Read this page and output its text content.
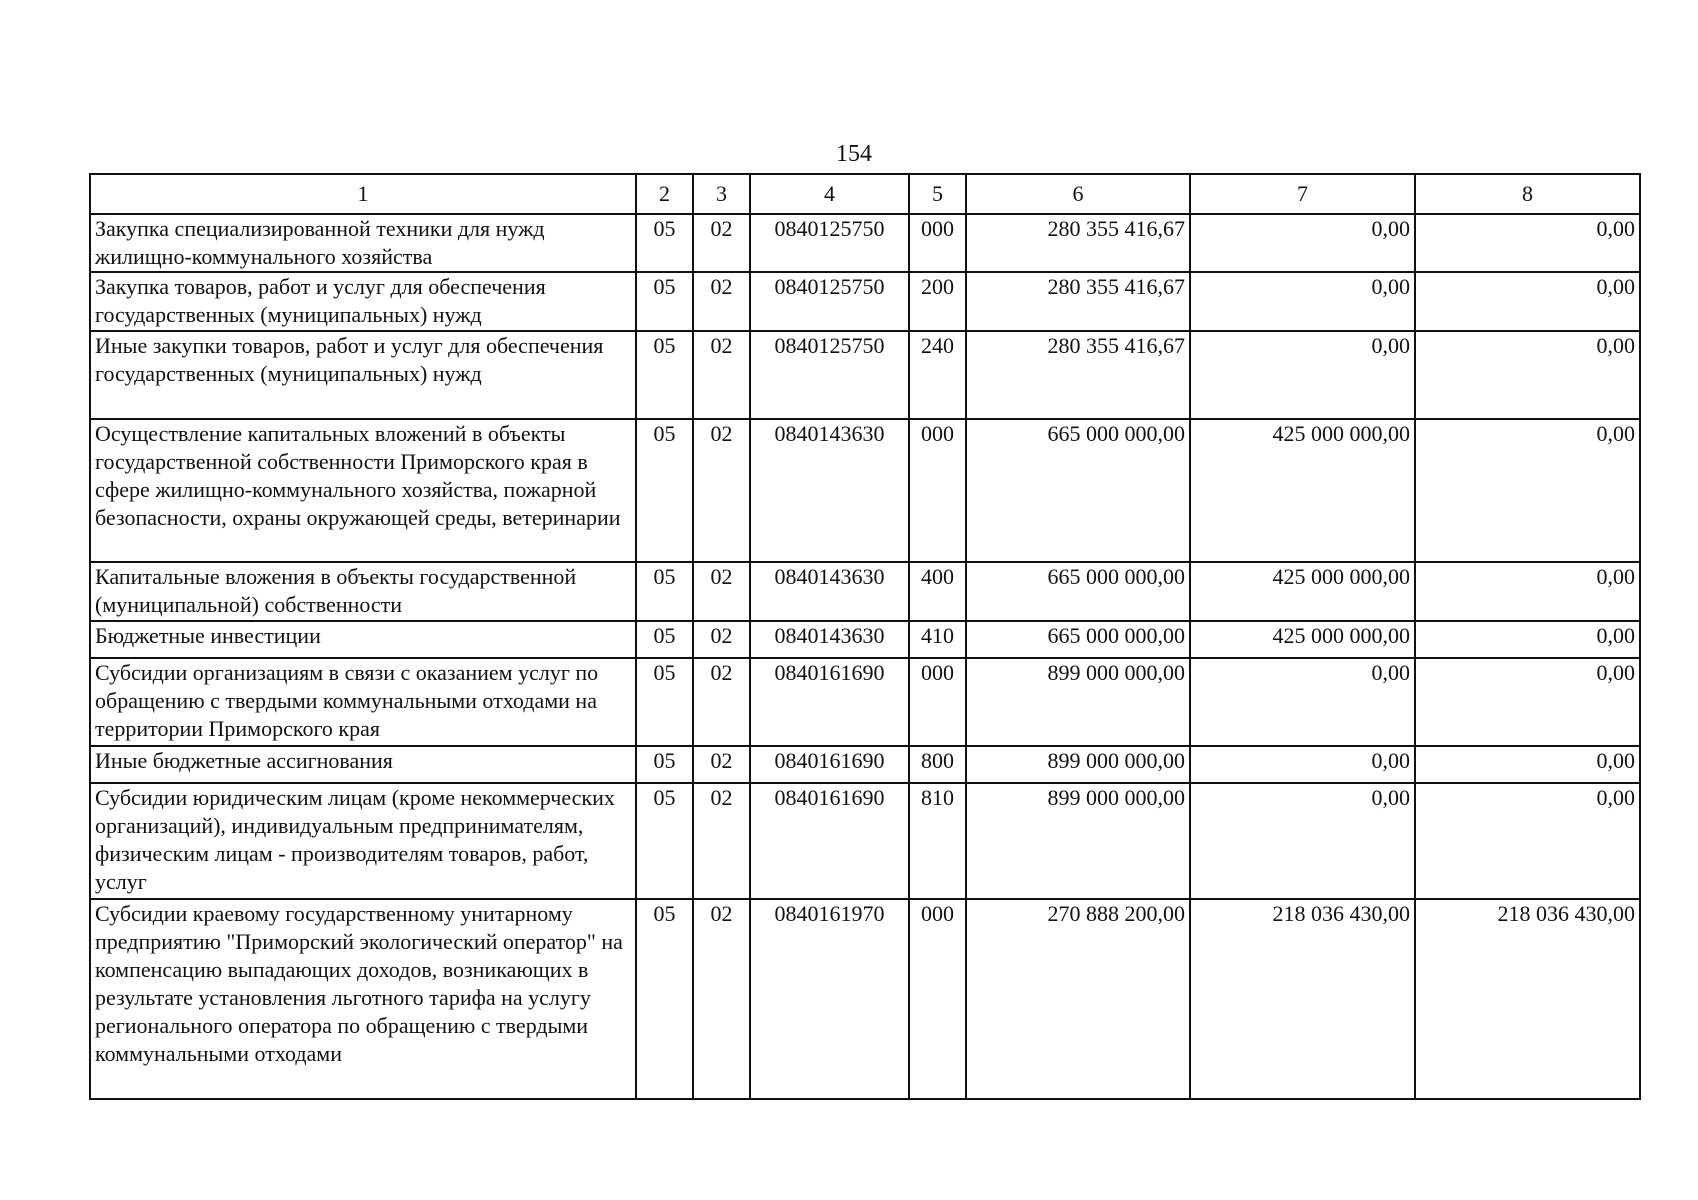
154
1	2	3	4	5	6	7	8
Закупка специализированной техники для нужд жилищно-коммунального хозяйства	05	02	0840125750	000	280 355 416,67	0,00	0,00
Закупка товаров, работ и услуг для обеспечения государственных (муниципальных) нужд	05	02	0840125750	200	280 355 416,67	0,00	0,00
Иные закупки товаров, работ и услуг для обеспечения государственных (муниципальных) нужд	05	02	0840125750	240	280 355 416,67	0,00	0,00
Осуществление капитальных вложений в объекты государственной собственности Приморского края в сфере жилищно-коммунального хозяйства, пожарной безопасности, охраны окружающей среды, ветеринарии	05	02	0840143630	000	665 000 000,00	425 000 000,00	0,00
Капитальные вложения в объекты государственной (муниципальной) собственности	05	02	0840143630	400	665 000 000,00	425 000 000,00	0,00
Бюджетные инвестиции	05	02	0840143630	410	665 000 000,00	425 000 000,00	0,00
Субсидии организациям в связи с оказанием услуг по обращению с твердыми коммунальными отходами на территории Приморского края	05	02	0840161690	000	899 000 000,00	0,00	0,00
Иные бюджетные ассигнования	05	02	0840161690	800	899 000 000,00	0,00	0,00
Субсидии юридическим лицам (кроме некоммерческих организаций), индивидуальным предпринимателям, физическим лицам - производителям товаров, работ, услуг	05	02	0840161690	810	899 000 000,00	0,00	0,00
Субсидии краевому государственному унитарному предприятию "Приморский экологический оператор" на компенсацию выпадающих доходов, возникающих в результате установления льготного тарифа на услугу регионального оператора по обращению с твердыми коммунальными отходами	05	02	0840161970	000	270 888 200,00	218 036 430,00	218 036 430,00
